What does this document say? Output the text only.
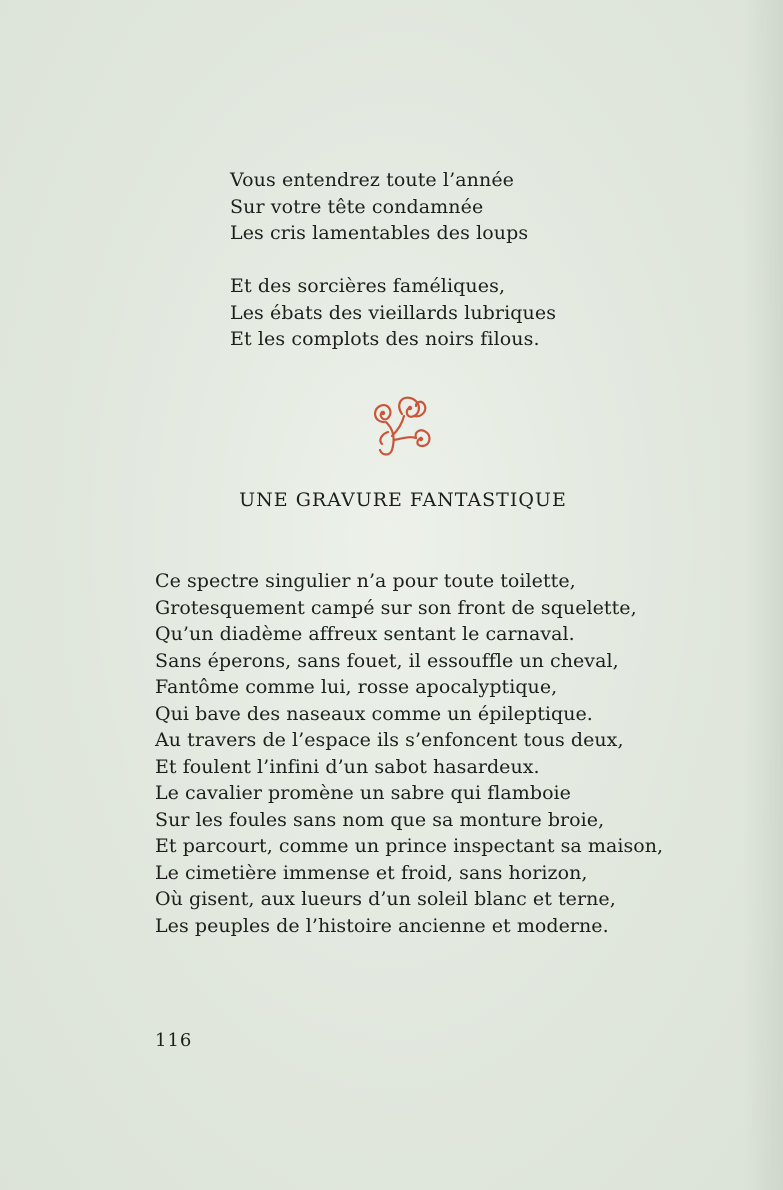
Vous entendrez toute l’année
Sur votre tête condamnée
Les cris lamentables des loups
Et des sorcières faméliques,
Les ébats des vieillards lubriques
Et les complots des noirs filous.
UNE GRAVURE FANTASTIQUE
Ce spectre singulier n’a pour toute toilette,
Grotesquement campé sur son front de squelette,
Qu’un diadème affreux sentant le carnaval.
Sans éperons, sans fouet, il essouffle un cheval,
Fantôme comme lui, rosse apocalyptique,
Qui bave des naseaux comme un épileptique.
Au travers de l’espace ils s’enfoncent tous deux,
Et foulent l’infini d’un sabot hasardeux.
Le cavalier promène un sabre qui flamboie
Sur les foules sans nom que sa monture broie,
Et parcourt, comme un prince inspectant sa maison,
Le cimetière immense et froid, sans horizon,
Où gisent, aux lueurs d’un soleil blanc et terne,
Les peuples de l’histoire ancienne et moderne.
116
